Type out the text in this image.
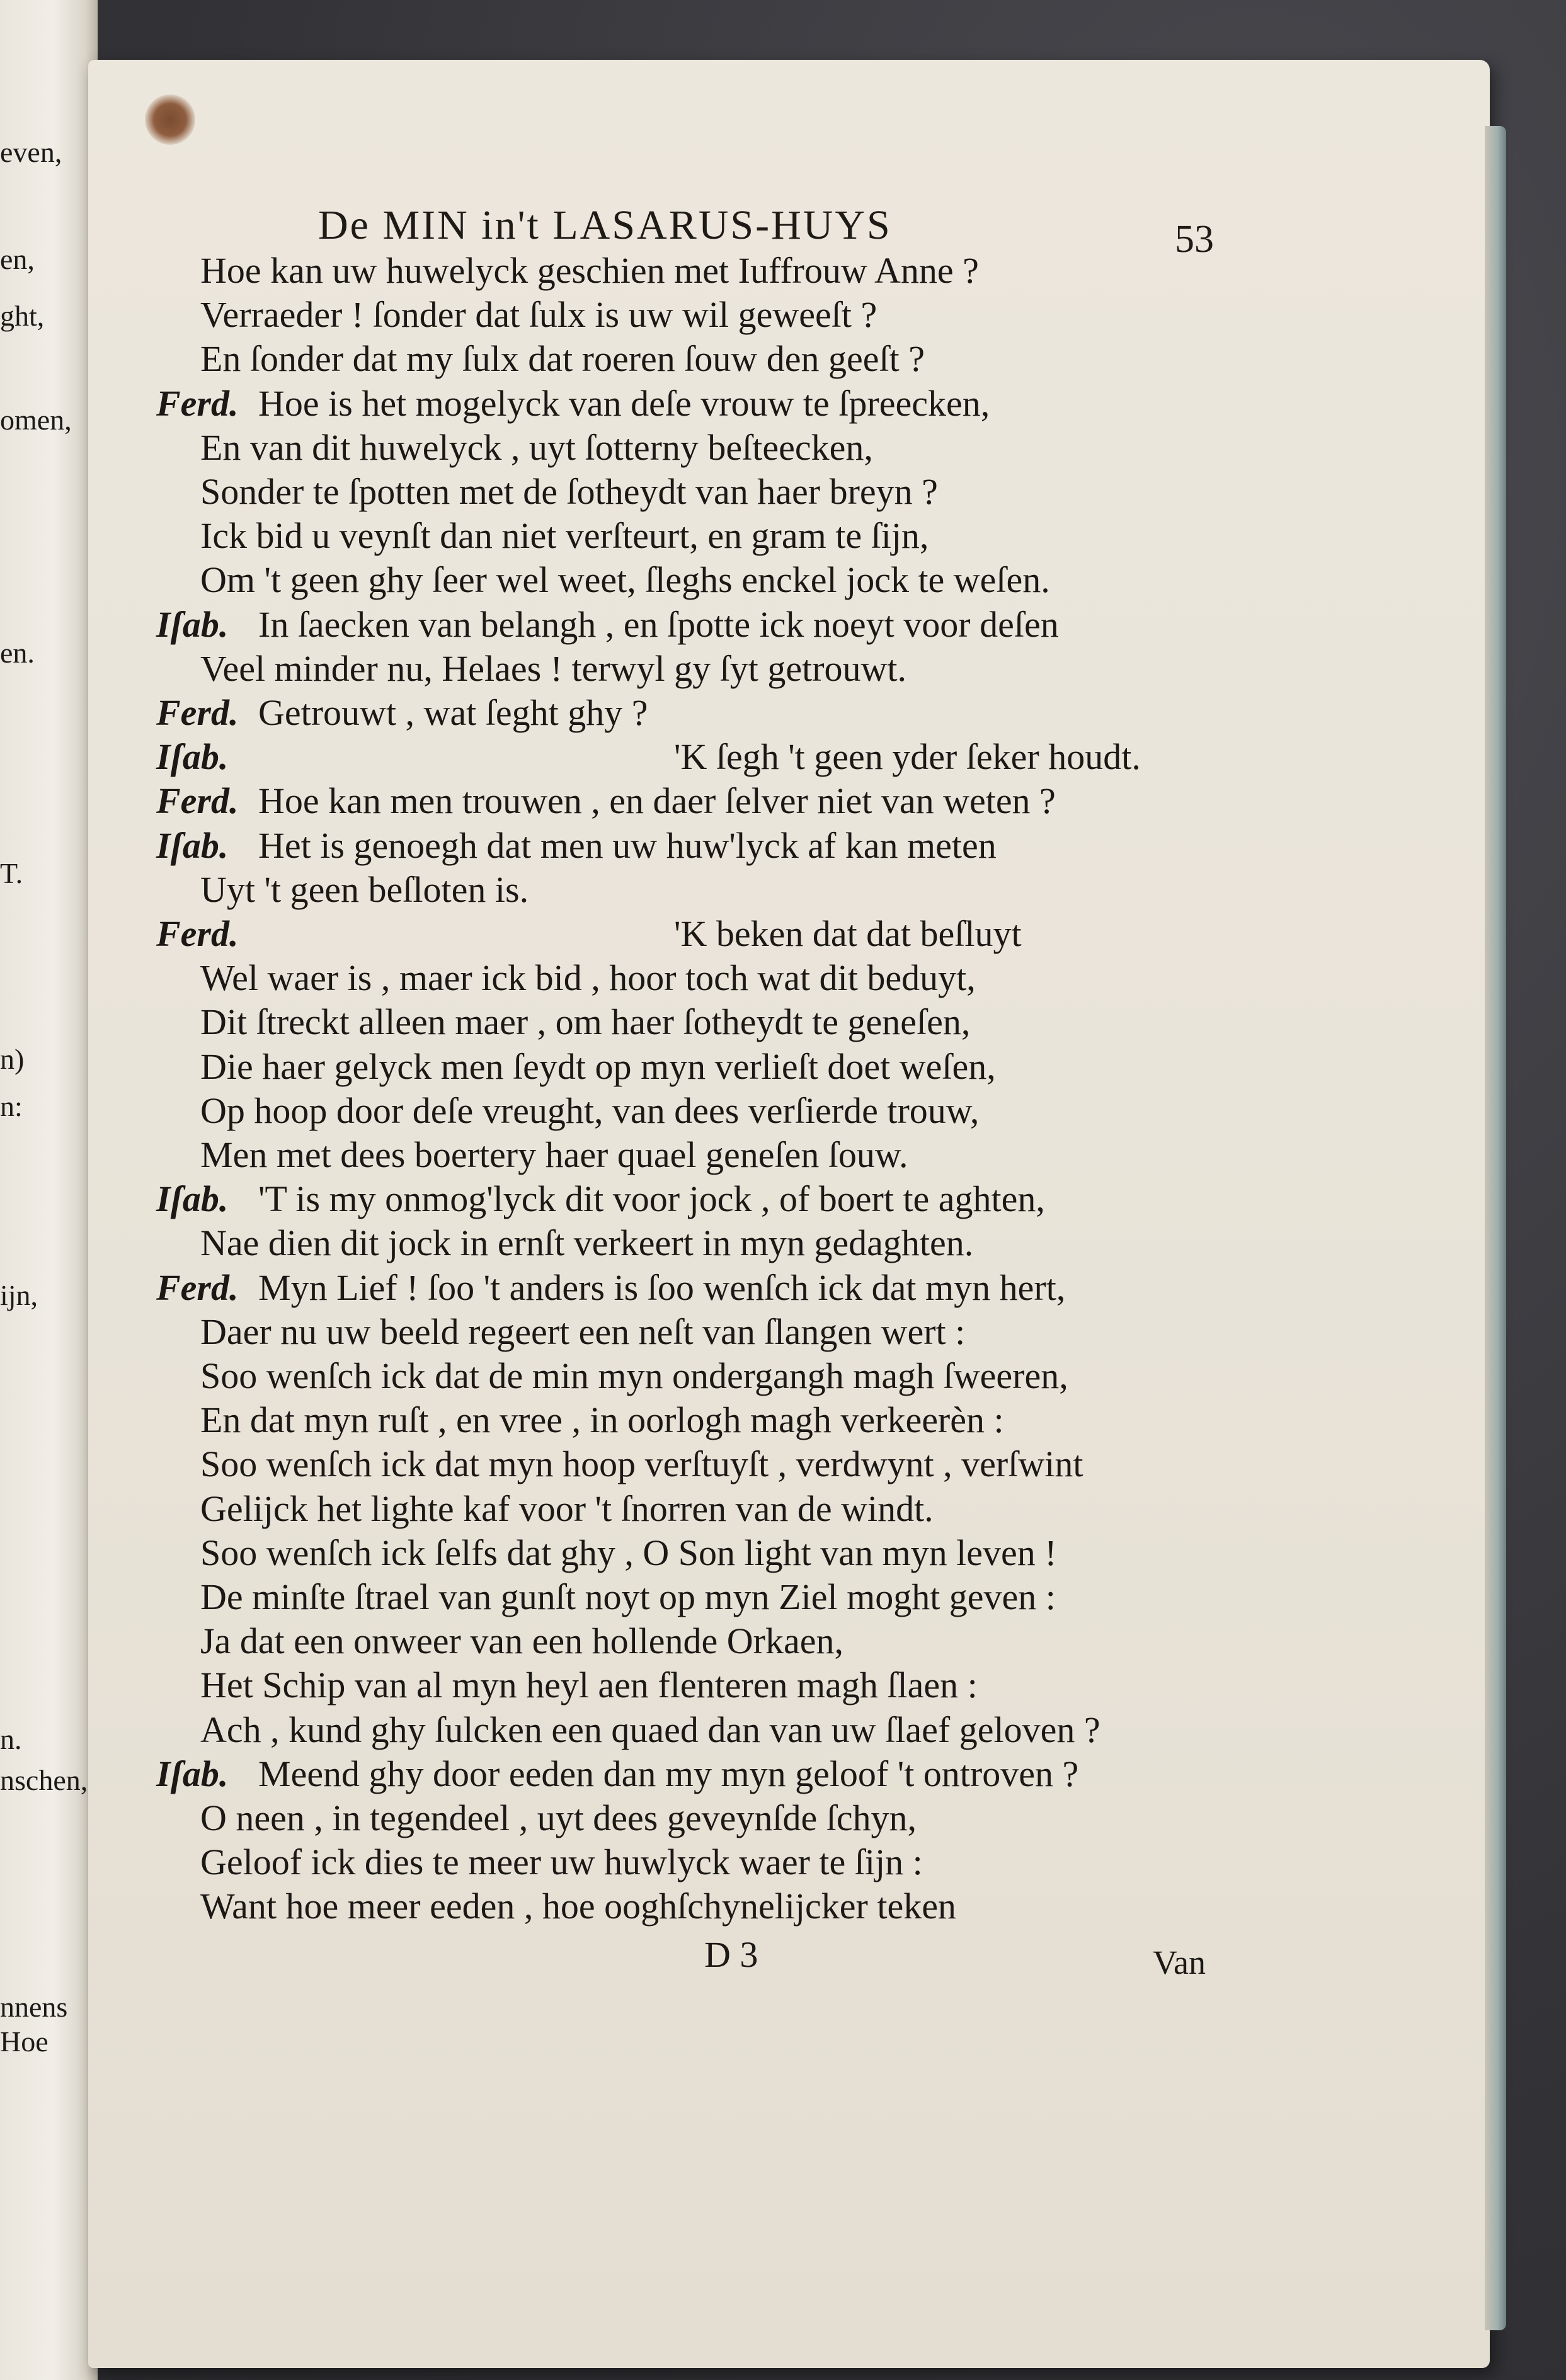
even,
en,
ght,
omen,
en.
T.
n)
n:
ijn,
n.
nschen,
nnens
Hoe
De MIN in't LASARUS-HUYS	53
Hoe kan uw huwelyck geschien met Iuffrouw Anne ?
Verraeder ! ſonder dat ſulx is uw wil geweeſt ?
En ſonder dat my ſulx dat roeren ſouw den geeſt ?
Ferd. Hoe is het mogelyck van deſe vrouw te ſpreecken,
En van dit huwelyck , uyt ſotterny beſteecken,
Sonder te ſpotten met de ſotheydt van haer breyn ?
Ick bid u veynſt dan niet verſteurt, en gram te ſijn,
Om 't geen ghy ſeer wel weet, ſleghs enckel jock te weſen.
Iſab. In ſaecken van belangh , en ſpotte ick noeyt voor deſen
Veel minder nu, Helaes ! terwyl gy ſyt getrouwt.
Ferd. Getrouwt , wat ſeght ghy ?
Iſab.	'K ſegh 't geen yder ſeker houdt.
Ferd. Hoe kan men trouwen , en daer ſelver niet van weten ?
Iſab. Het is genoegh dat men uw huw'lyck af kan meten
Uyt 't geen beſloten is.
Ferd.	'K beken dat dat beſluyt
Wel waer is , maer ick bid , hoor toch wat dit beduyt,
Dit ſtreckt alleen maer , om haer ſotheydt te geneſen,
Die haer gelyck men ſeydt op myn verlieſt doet weſen,
Op hoop door deſe vreught, van dees verſierde trouw,
Men met dees boertery haer quael geneſen ſouw.
Iſab. 'T is my onmog'lyck dit voor jock , of boert te aghten,
Nae dien dit jock in ernſt verkeert in myn gedaghten.
Ferd. Myn Lief ! ſoo 't anders is ſoo wenſch ick dat myn hert,
Daer nu uw beeld regeert een neſt van ſlangen wert :
Soo wenſch ick dat de min myn ondergangh magh ſweeren,
En dat myn ruſt , en vree , in oorlogh magh verkeerèn :
Soo wenſch ick dat myn hoop verſtuyſt , verdwynt , verſwint
Gelijck het lighte kaf voor 't ſnorren van de windt.
Soo wenſch ick ſelfs dat ghy , O Son light van myn leven !
De minſte ſtrael van gunſt noyt op myn Ziel moght geven :
Ja dat een onweer van een hollende Orkaen,
Het Schip van al myn heyl aen flenteren magh ſlaen :
Ach , kund ghy ſulcken een quaed dan van uw ſlaef geloven ?
Iſab. Meend ghy door eeden dan my myn geloof 't ontroven ?
O neen , in tegendeel , uyt dees geveynſde ſchyn,
Geloof ick dies te meer uw huwlyck waer te ſijn :
Want hoe meer eeden , hoe ooghſchynelijcker teken
D 3	Van
